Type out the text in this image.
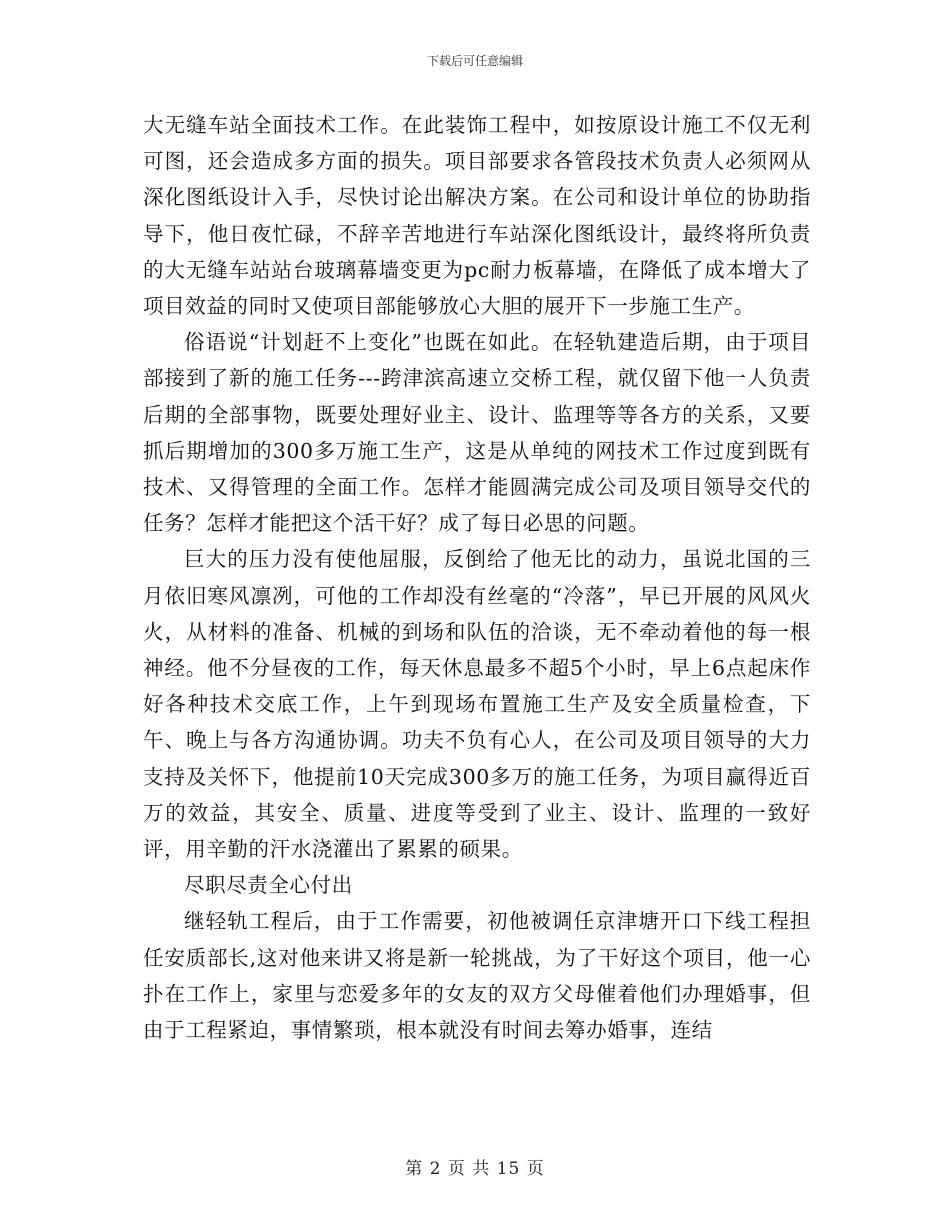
下载后可任意编辑

大无缝车站全面技术工作。在此装饰工程中，如按原设计施工不仅无利可图，还会造成多方面的损失。项目部要求各管段技术负责人必须网从深化图纸设计入手，尽快讨论出解决方案。在公司和设计单位的协助指导下，他日夜忙碌，不辞辛苦地进行车站深化图纸设计，最终将所负责的大无缝车站站台玻璃幕墙变更为pc耐力板幕墙，在降低了成本增大了项目效益的同时又使项目部能够放心大胆的展开下一步施工生产。

俗语说“计划赶不上变化”也既在如此。在轻轨建造后期，由于项目部接到了新的施工任务---跨津滨高速立交桥工程，就仅留下他一人负责后期的全部事物，既要处理好业主、设计、监理等等各方的关系，又要抓后期增加的300多万施工生产，这是从单纯的网技术工作过度到既有技术、又得管理的全面工作。怎样才能圆满完成公司及项目领导交代的任务？怎样才能把这个活干好？成了每日必思的问题。

巨大的压力没有使他屈服，反倒给了他无比的动力，虽说北国的三月依旧寒风凛冽，可他的工作却没有丝毫的“冷落”，早已开展的风风火火，从材料的准备、机械的到场和队伍的洽谈，无不牵动着他的每一根神经。他不分昼夜的工作，每天休息最多不超5个小时，早上6点起床作好各种技术交底工作，上午到现场布置施工生产及安全质量检查，下午、晚上与各方沟通协调。功夫不负有心人，在公司及项目领导的大力支持及关怀下，他提前10天完成300多万的施工任务，为项目赢得近百万的效益，其安全、质量、进度等受到了业主、设计、监理的一致好评，用辛勤的汗水浇灌出了累累的硕果。

尽职尽责全心付出

继轻轨工程后，由于工作需要，初他被调任京津塘开口下线工程担任安质部长,这对他来讲又将是新一轮挑战，为了干好这个项目，他一心扑在工作上，家里与恋爱多年的女友的双方父母催着他们办理婚事，但由于工程紧迫，事情繁琐，根本就没有时间去筹办婚事，连结

第 2 页 共 15 页
